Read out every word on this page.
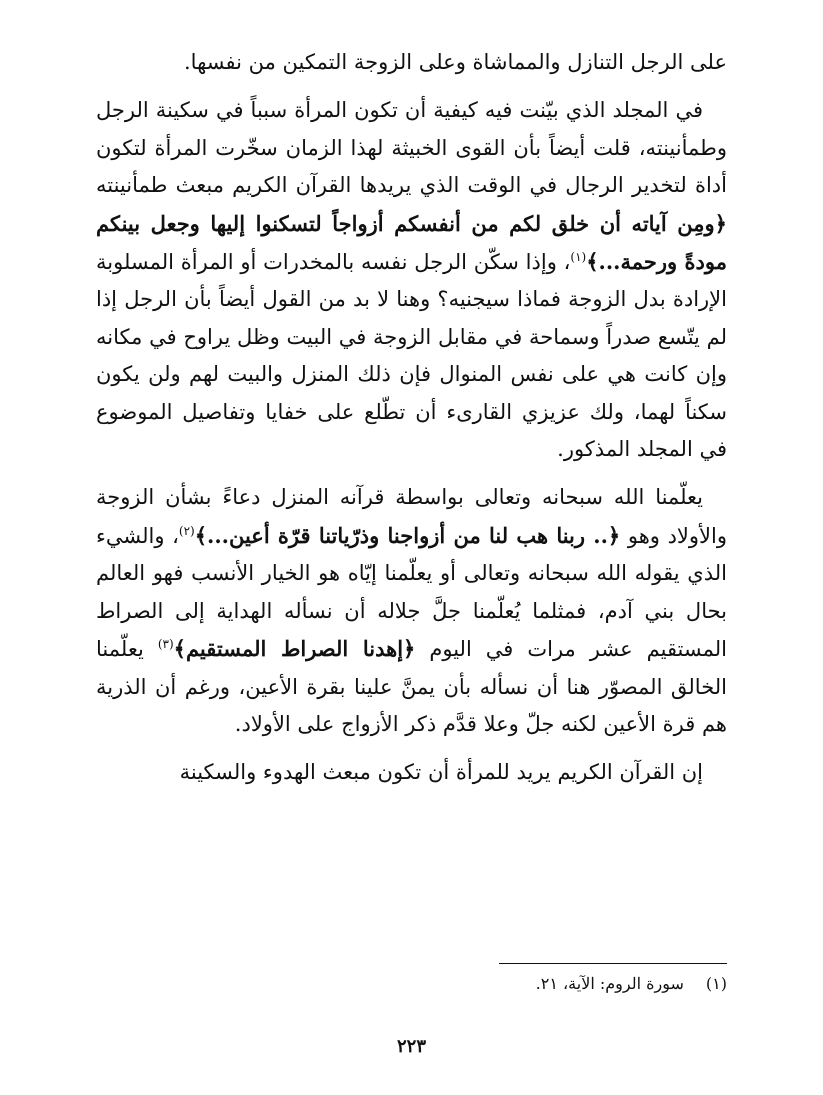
على الرجل التنازل والمماشاة وعلى الزوجة التمكين من نفسها.

في المجلد الذي بيّنت فيه كيفية أن تكون المرأة سبباً في سكينة الرجل وطمأنينته، قلت أيضاً بأن القوى الخبيثة لهذا الزمان سخّرت المرأة لتكون أداة لتخدير الرجال في الوقت الذي يريدها القرآن الكريم مبعث طمأنينته ﴿ومِن آياته أن خلق لكم من أنفسكم أزواجاً لتسكنوا إليها وجعل بينكم مودةً ورحمة...﴾$^{(١)}$، وإذا سكّن الرجل نفسه بالمخدرات أو المرأة المسلوبة الإرادة بدل الزوجة فماذا سيجنيه؟ وهنا لا بد من القول أيضاً بأن الرجل إذا لم يتّسع صدراً وسماحة في مقابل الزوجة في البيت وظل يراوح في مكانه وإن كانت هي على نفس المنوال فإن ذلك المنزل والبيت لهم ولن يكون سكناً لهما، ولك عزيزي القارىء أن تطّلع على خفايا وتفاصيل الموضوع في المجلد المذكور.

يعلّمنا الله سبحانه وتعالى بواسطة قرآنه المنزل دعاءً بشأن الزوجة والأولاد وهو ﴿.. ربنا هب لنا من أزواجنا وذرّياتنا قرّة أعين...﴾$^{(٢)}$، والشيء الذي يقوله الله سبحانه وتعالى أو يعلّمنا إيّاه هو الخيار الأنسب فهو العالم بحال بني آدم، فمثلما يُعلّمنا جلَّ جلاله أن نسأله الهداية إلى الصراط المستقيم عشر مرات في اليوم ﴿إهدنا الصراط المستقيم﴾$^{(٣)}$ يعلّمنا الخالق المصوّر هنا أن نسأله بأن يمنَّ علينا بقرة الأعين، ورغم أن الذرية هم قرة الأعين لكنه جلّ وعلا قدَّم ذكر الأزواج على الأولاد.

إن القرآن الكريم يريد للمرأة أن تكون مبعث الهدوء والسكينة

(١)سورة الروم: الآية، ٢١.
٢٢٣
